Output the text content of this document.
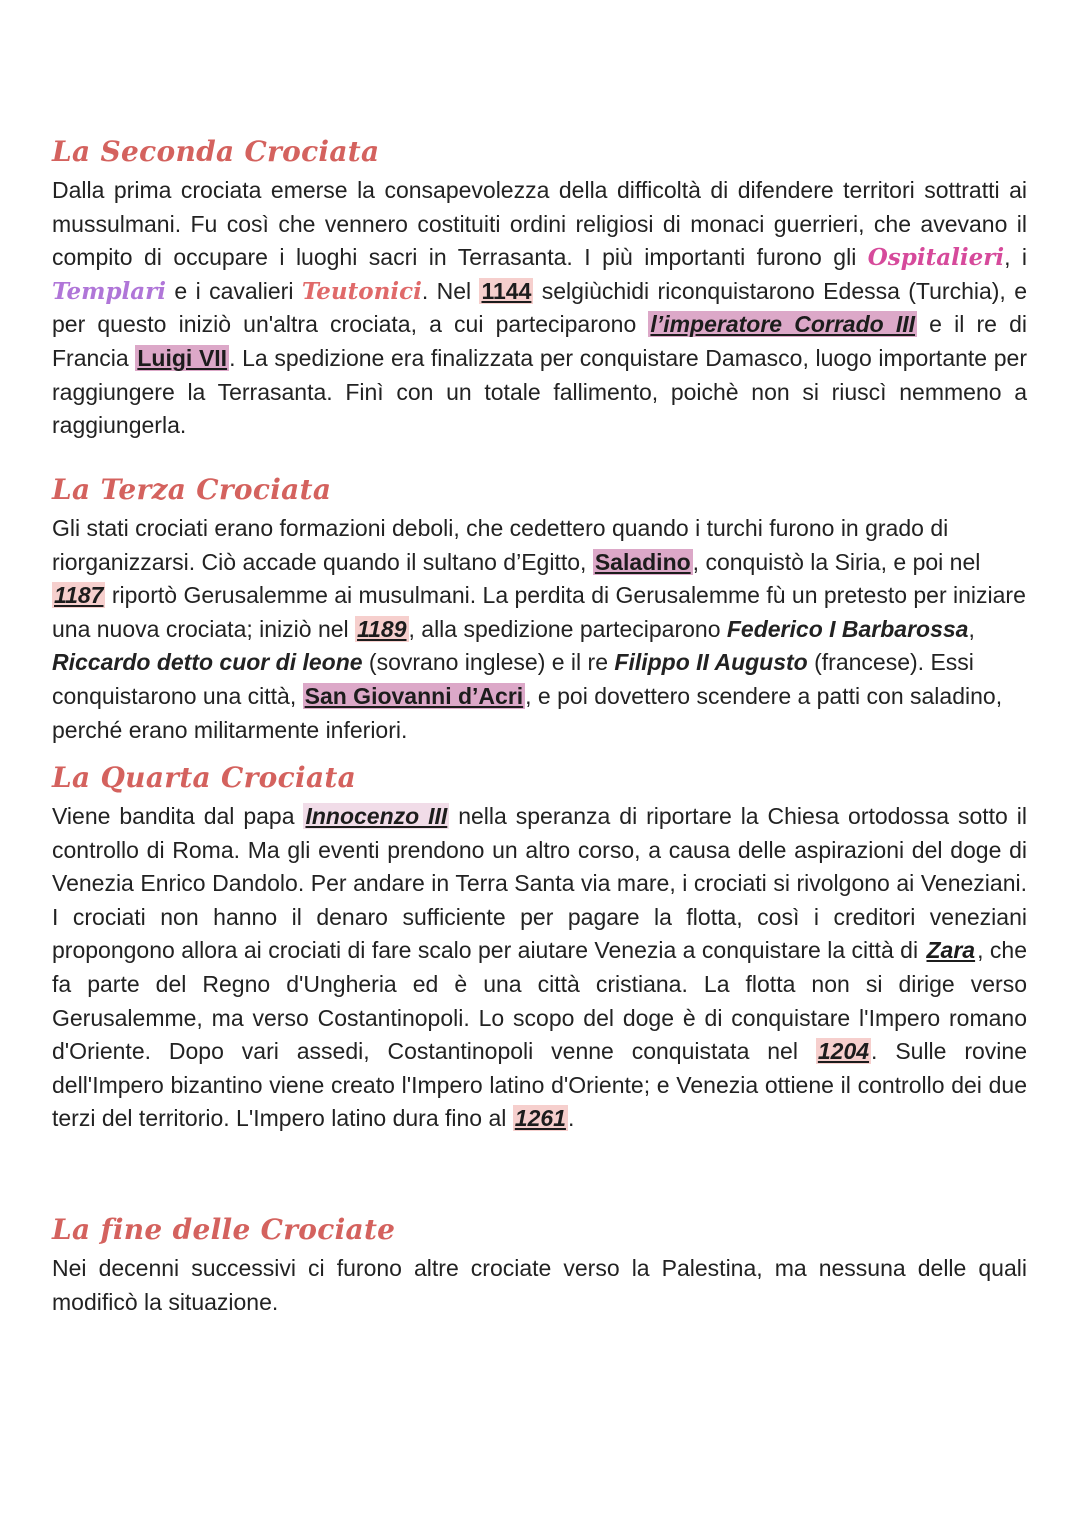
La Seconda Crociata

Dalla prima crociata emerse la consapevolezza della difficoltà di difendere territori sottratti ai mussulmani. Fu così che vennero costituiti ordini religiosi di monaci guerrieri, che avevano il compito di occupare i luoghi sacri in Terrasanta. I più importanti furono gli Ospitalieri, i Templari e i cavalieri Teutonici. Nel 1144 selgiùchidi riconquistarono Edessa (Turchia), e per questo iniziò un'altra crociata, a cui parteciparono l’imperatore Corrado III e il re di Francia Luigi VII. La spedizione era finalizzata per conquistare Damasco, luogo importante per raggiungere la Terrasanta. Finì con un totale fallimento, poichè non si riuscì nemmeno a raggiungerla.

La Terza Crociata

Gli stati crociati erano formazioni deboli, che cedettero quando i turchi furono in grado di riorganizzarsi. Ciò accade quando il sultano d’Egitto, Saladino, conquistò la Siria, e poi nel 1187 riportò Gerusalemme ai musulmani. La perdita di Gerusalemme fù un pretesto per iniziare una nuova crociata; iniziò nel 1189, alla spedizione parteciparono Federico I Barbarossa, Riccardo detto cuor di leone (sovrano inglese) e il re Filippo II Augusto (francese). Essi conquistarono una città, San Giovanni d’Acri, e poi dovettero scendere a patti con saladino, perché erano militarmente inferiori.

La Quarta Crociata

Viene bandita dal papa Innocenzo III nella speranza di riportare la Chiesa ortodossa sotto il controllo di Roma. Ma gli eventi prendono un altro corso, a causa delle aspirazioni del doge di Venezia Enrico Dandolo. Per andare in Terra Santa via mare, i crociati si rivolgono ai Veneziani. I crociati non hanno il denaro sufficiente per pagare la flotta, così i creditori veneziani propongono allora ai crociati di fare scalo per aiutare Venezia a conquistare la città di Zara, che fa parte del Regno d'Ungheria ed è una città cristiana. La flotta non si dirige verso Gerusalemme, ma verso Costantinopoli. Lo scopo del doge è di conquistare l'Impero romano d'Oriente. Dopo vari assedi, Costantinopoli venne conquistata nel 1204. Sulle rovine dell'Impero bizantino viene creato l'Impero latino d'Oriente; e Venezia ottiene il controllo dei due terzi del territorio. L'Impero latino dura fino al 1261.

La fine delle Crociate

Nei decenni successivi ci furono altre crociate verso la Palestina, ma nessuna delle quali modificò la situazione.
